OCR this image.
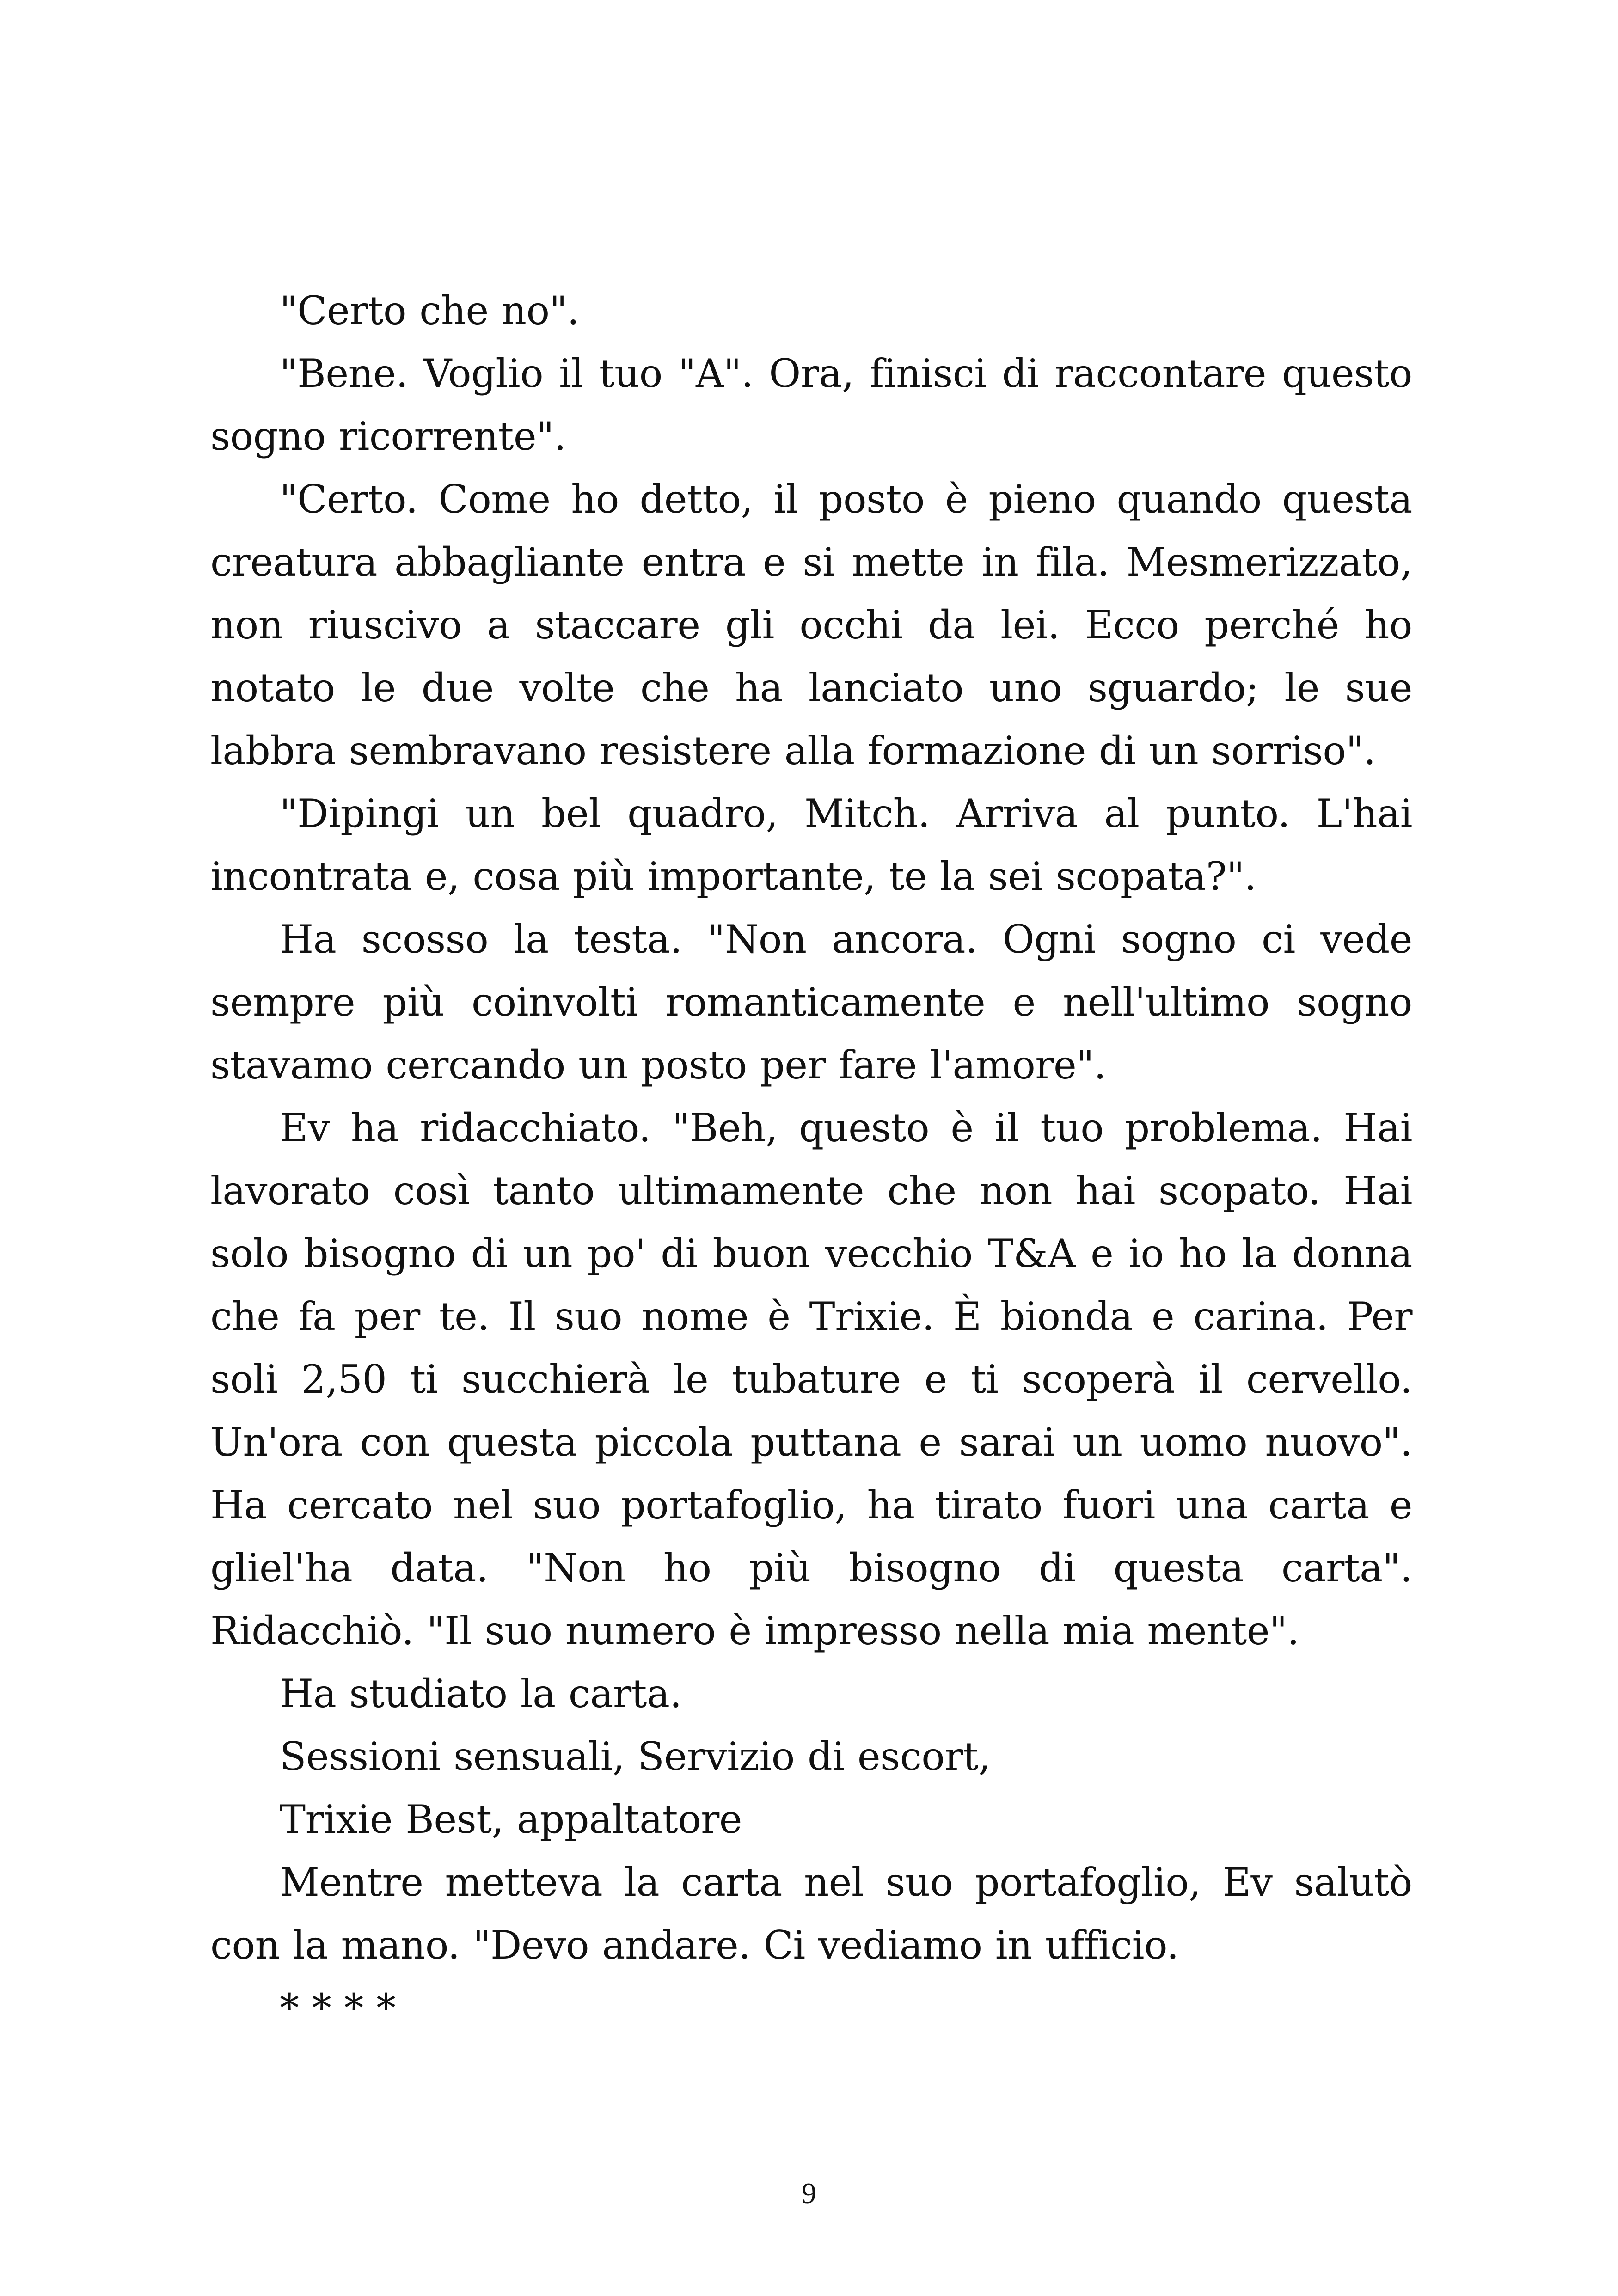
"Certo che no".

"Bene. Voglio il tuo "A". Ora, finisci di raccontare questo sogno ricorrente".

"Certo. Come ho detto, il posto è pieno quando questa creatura abbagliante entra e si mette in fila. Mesmerizzato, non riuscivo a staccare gli occhi da lei. Ecco perché ho notato le due volte che ha lanciato uno sguardo; le sue labbra sembravano resistere alla formazione di un sorriso".

"Dipingi un bel quadro, Mitch. Arriva al punto. L'hai incontrata e, cosa più importante, te la sei scopata?".

Ha scosso la testa. "Non ancora. Ogni sogno ci vede sempre più coinvolti romanticamente e nell'ultimo sogno stavamo cercando un posto per fare l'amore".

Ev ha ridacchiato. "Beh, questo è il tuo problema. Hai lavorato così tanto ultimamente che non hai scopato. Hai solo bisogno di un po' di buon vecchio T&A e io ho la donna che fa per te. Il suo nome è Trixie. È bionda e carina. Per soli 2,50 ti succhierà le tubature e ti scoperà il cervello. Un'ora con questa piccola puttana e sarai un uomo nuovo". Ha cercato nel suo portafoglio, ha tirato fuori una carta e gliel'ha data. "Non ho più bisogno di questa carta". Ridacchiò. "Il suo numero è impresso nella mia mente".

Ha studiato la carta.

Sessioni sensuali, Servizio di escort,

Trixie Best, appaltatore

Mentre metteva la carta nel suo portafoglio, Ev salutò con la mano. "Devo andare. Ci vediamo in ufficio.

* * * *

9
